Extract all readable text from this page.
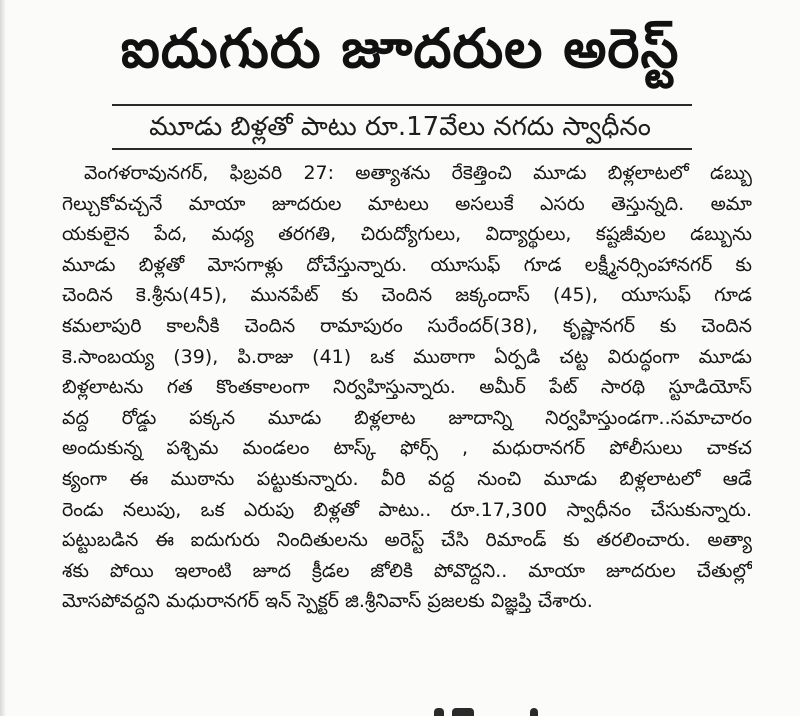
ఐదుగురు జూదరుల అరెస్ట్
మూడు బిళ్లతో పాటు రూ.17వేలు నగదు స్వాధీనం
వెంగళరావునగర్, ఫిబ్రవరి 27: అత్యాశను రేకెత్తించి మూడు బిళ్లలాటలో డబ్బు
గెల్చుకోవచ్చనే మాయా జూదరుల మాటలు అసలుకే ఎసరు తెస్తున్నది. అమా
యకులైన పేద, మధ్య తరగతి, చిరుద్యోగులు, విద్యార్థులు, కష్టజీవుల డబ్బును
మూడు బిళ్లతో మోసగాళ్లు దోచేస్తున్నారు. యూసుఫ్ గూడ లక్ష్మీనర్సింహానగర్ కు
చెందిన కె.శ్రీను(45), మునపేట్ కు చెందిన జక్కందాస్ (45), యూసుఫ్ గూడ
కమలాపురి కాలనీకి చెందిన రామాపురం సురేందర్(38), కృష్ణానగర్ కు చెందిన
కె.సాంబయ్య (39), పి.రాజు (41) ఒక ముఠాగా ఏర్పడి చట్ట విరుద్ధంగా మూడు
బిళ్లలాటను గత కొంతకాలంగా నిర్వహిస్తున్నారు. అమీర్ పేట్ సారథి స్టూడియోస్
వద్ద రోడ్డు పక్కన మూడు బిళ్లలాట జూదాన్ని నిర్వహిస్తుండగా..సమాచారం
అందుకున్న పశ్చిమ మండలం టాస్క్ ఫోర్స్ , మధురానగర్ పోలీసులు చాకచ
క్యంగా ఈ ముఠాను పట్టుకున్నారు. వీరి వద్ద నుంచి మూడు బిళ్లలాటలో ఆడే
రెండు నలుపు, ఒక ఎరుపు బిళ్లతో పాటు.. రూ.17,300 స్వాధీనం చేసుకున్నారు.
పట్టుబడిన ఈ ఐదుగురు నిందితులను అరెస్ట్ చేసి రిమాండ్ కు తరలించారు. అత్యా
శకు పోయి ఇలాంటి జూద క్రీడల జోలికి పోవొద్దని.. మాయా జూదరుల చేతుల్లో
మోసపోవద్దని మధురానగర్ ఇన్ స్పెక్టర్ జి.శ్రీనివాస్ ప్రజలకు విజ్ఞప్తి చేశారు.
